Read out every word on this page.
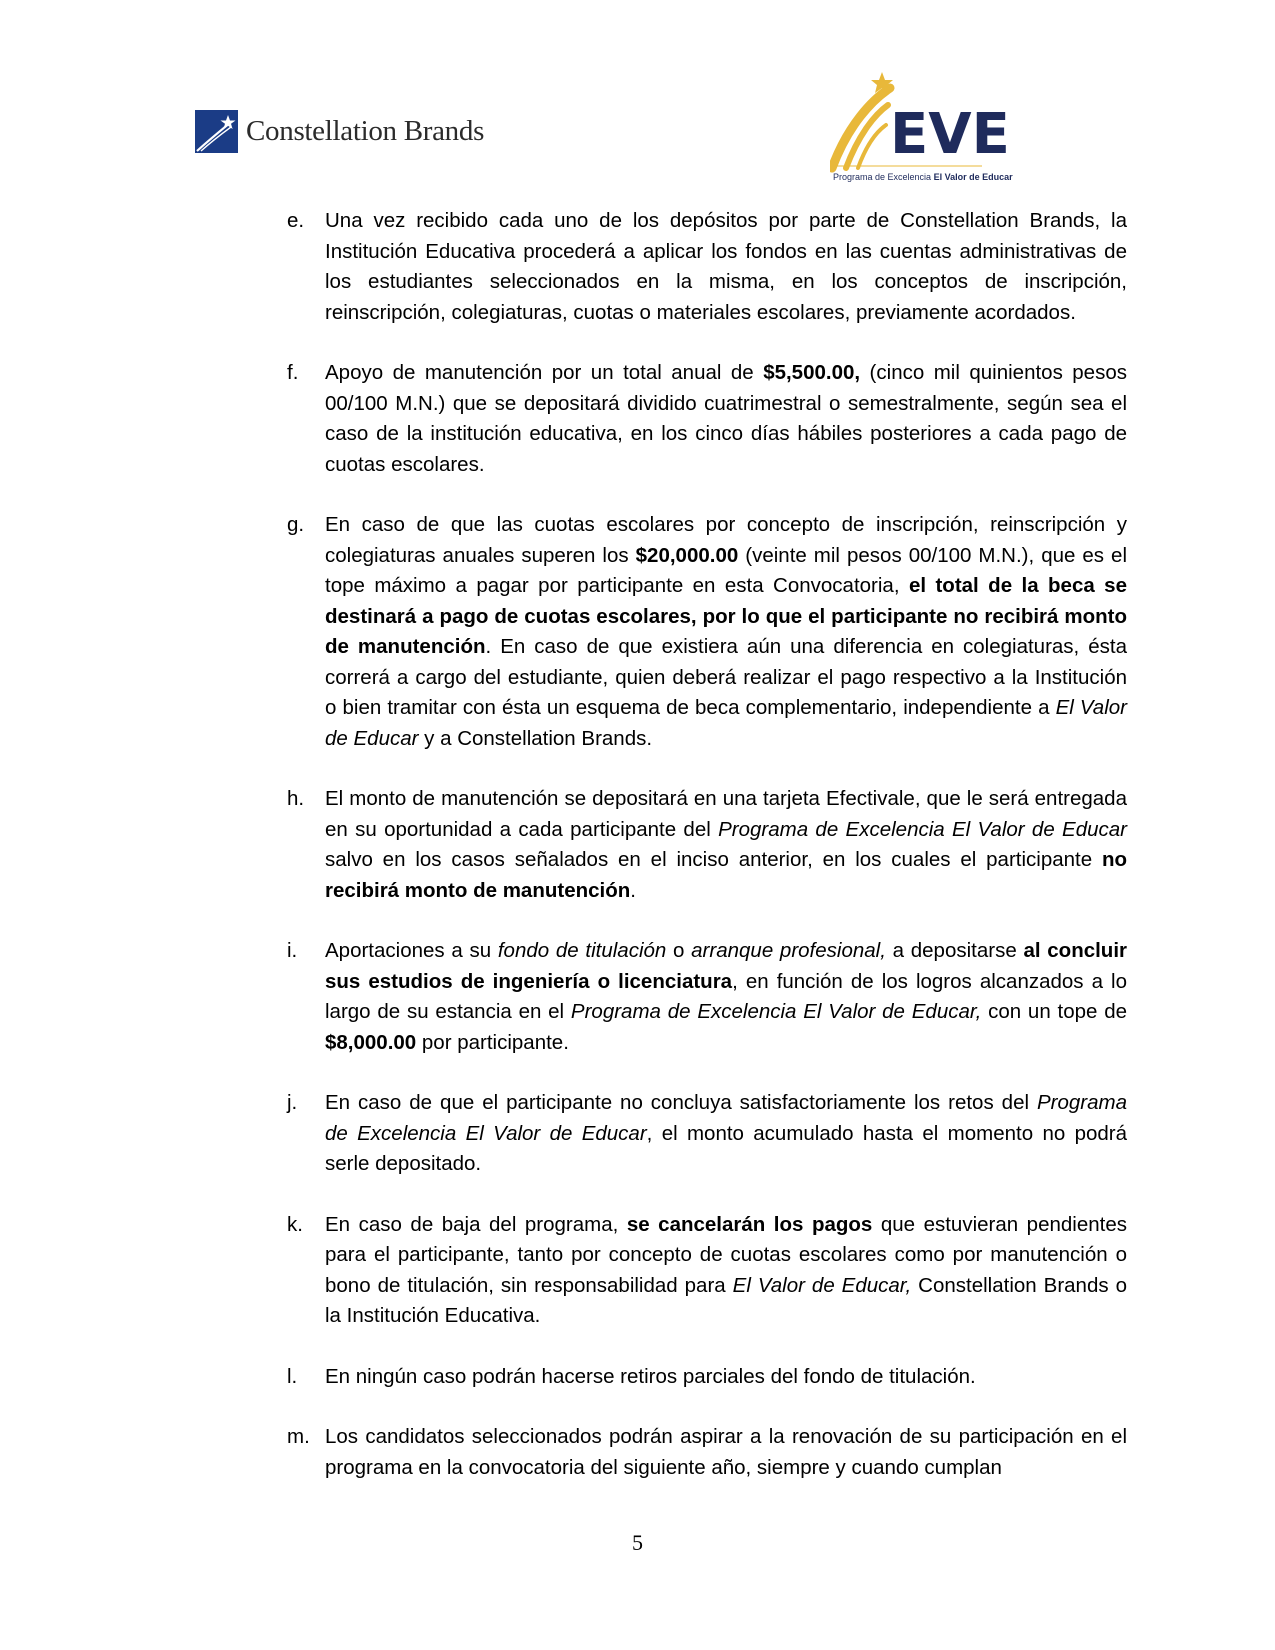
Constellation Brands	EVE
Programa de Excelencia El Valor de Educar
e.	Una vez recibido cada uno de los depósitos por parte de Constellation Brands, la Institución Educativa procederá a aplicar los fondos en las cuentas administrativas de los estudiantes seleccionados en la misma, en los conceptos de inscripción, reinscripción, colegiaturas, cuotas o materiales escolares, previamente acordados.
f.	Apoyo de manutención por un total anual de $5,500.00, (cinco mil quinientos pesos 00/100 M.N.) que se depositará dividido cuatrimestral o semestralmente, según sea el caso de la institución educativa, en los cinco días hábiles posteriores a cada pago de cuotas escolares.
g.	En caso de que las cuotas escolares por concepto de inscripción, reinscripción y colegiaturas anuales superen los $20,000.00 (veinte mil pesos 00/100 M.N.), que es el tope máximo a pagar por participante en esta Convocatoria, el total de la beca se destinará a pago de cuotas escolares, por lo que el participante no recibirá monto de manutención. En caso de que existiera aún una diferencia en colegiaturas, ésta correrá a cargo del estudiante, quien deberá realizar el pago respectivo a la Institución o bien tramitar con ésta un esquema de beca complementario, independiente a El Valor de Educar y a Constellation Brands.
h.	El monto de manutención se depositará en una tarjeta Efectivale, que le será entregada en su oportunidad a cada participante del Programa de Excelencia El Valor de Educar salvo en los casos señalados en el inciso anterior, en los cuales el participante no recibirá monto de manutención.
i.	Aportaciones a su fondo de titulación o arranque profesional, a depositarse al concluir sus estudios de ingeniería o licenciatura, en función de los logros alcanzados a lo largo de su estancia en el Programa de Excelencia El Valor de Educar, con un tope de $8,000.00 por participante.
j.	En caso de que el participante no concluya satisfactoriamente los retos del Programa de Excelencia El Valor de Educar, el monto acumulado hasta el momento no podrá serle depositado.
k.	En caso de baja del programa, se cancelarán los pagos que estuvieran pendientes para el participante, tanto por concepto de cuotas escolares como por manutención o bono de titulación, sin responsabilidad para El Valor de Educar, Constellation Brands o la Institución Educativa.
l.	En ningún caso podrán hacerse retiros parciales del fondo de titulación.
m. Los candidatos seleccionados podrán aspirar a la renovación de su participación en el programa en la convocatoria del siguiente año, siempre y cuando cumplan
5
